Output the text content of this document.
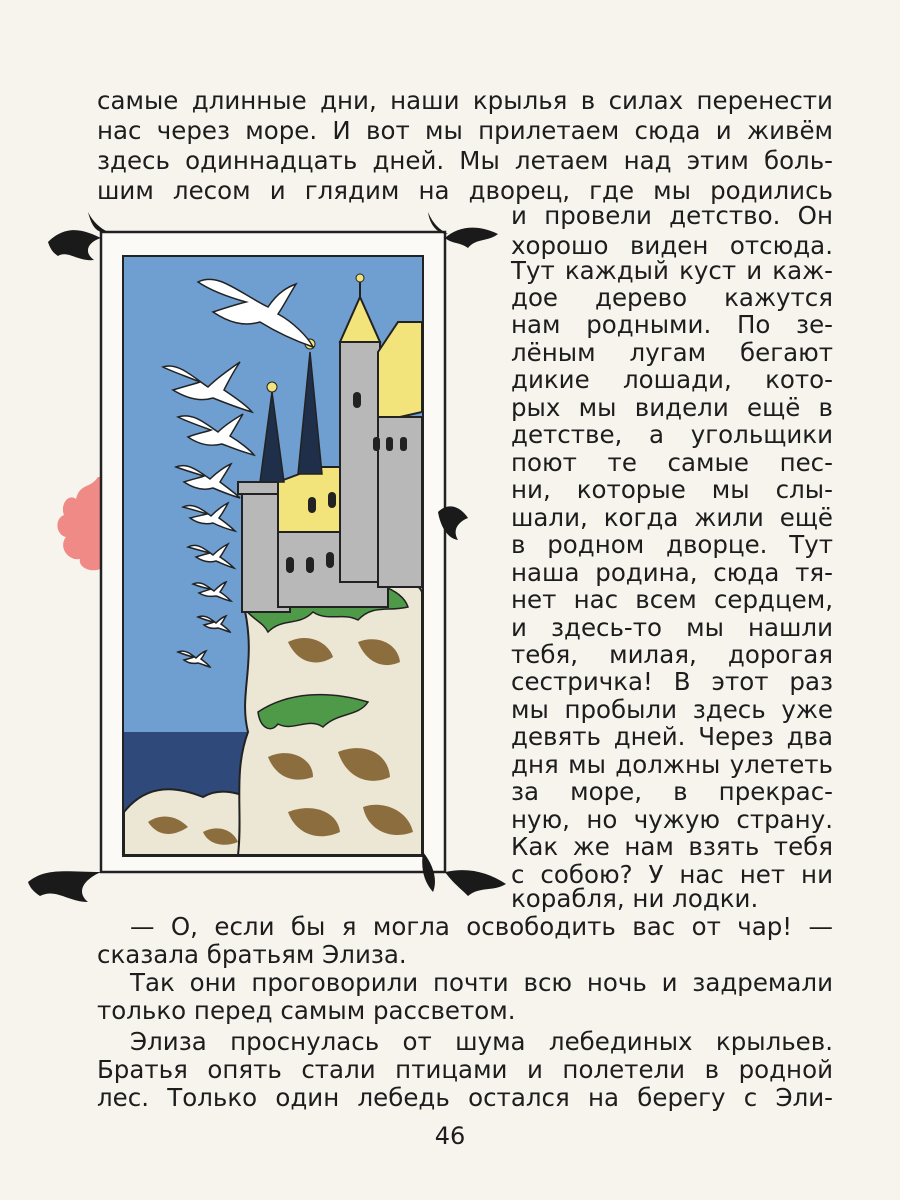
самые длинные дни, наши крылья в силах перенести
нас через море. И вот мы прилетаем сюда и живём
здесь одиннадцать дней. Мы летаем над этим боль-
шим лесом и глядим на дворец, где мы родились
и провели детство. Он
хорошо виден отсюда.
Тут каждый куст и каж-
дое дерево кажутся
нам родными. По зе-
лёным лугам бегают
дикие лошади, кото-
рых мы видели ещё в
детстве, а угольщики
поют те самые пес-
ни, которые мы слы-
шали, когда жили ещё
в родном дворце. Тут
наша родина, сюда тя-
нет нас всем сердцем,
и здесь-то мы нашли
тебя, милая, дорогая
сестричка! В этот раз
мы пробыли здесь уже
девять дней. Через два
дня мы должны улететь
за море, в прекрас-
ную, но чужую страну.
Как же нам взять тебя
с собою? У нас нет ни
корабля, ни лодки.
— О, если бы я могла освободить вас от чар! —
сказала братьям Элиза.
Так они проговорили почти всю ночь и задремали
только перед самым рассветом.
Элиза проснулась от шума лебединых крыльев.
Братья опять стали птицами и полетели в родной
лес. Только один лебедь остался на берегу с Эли-
46
